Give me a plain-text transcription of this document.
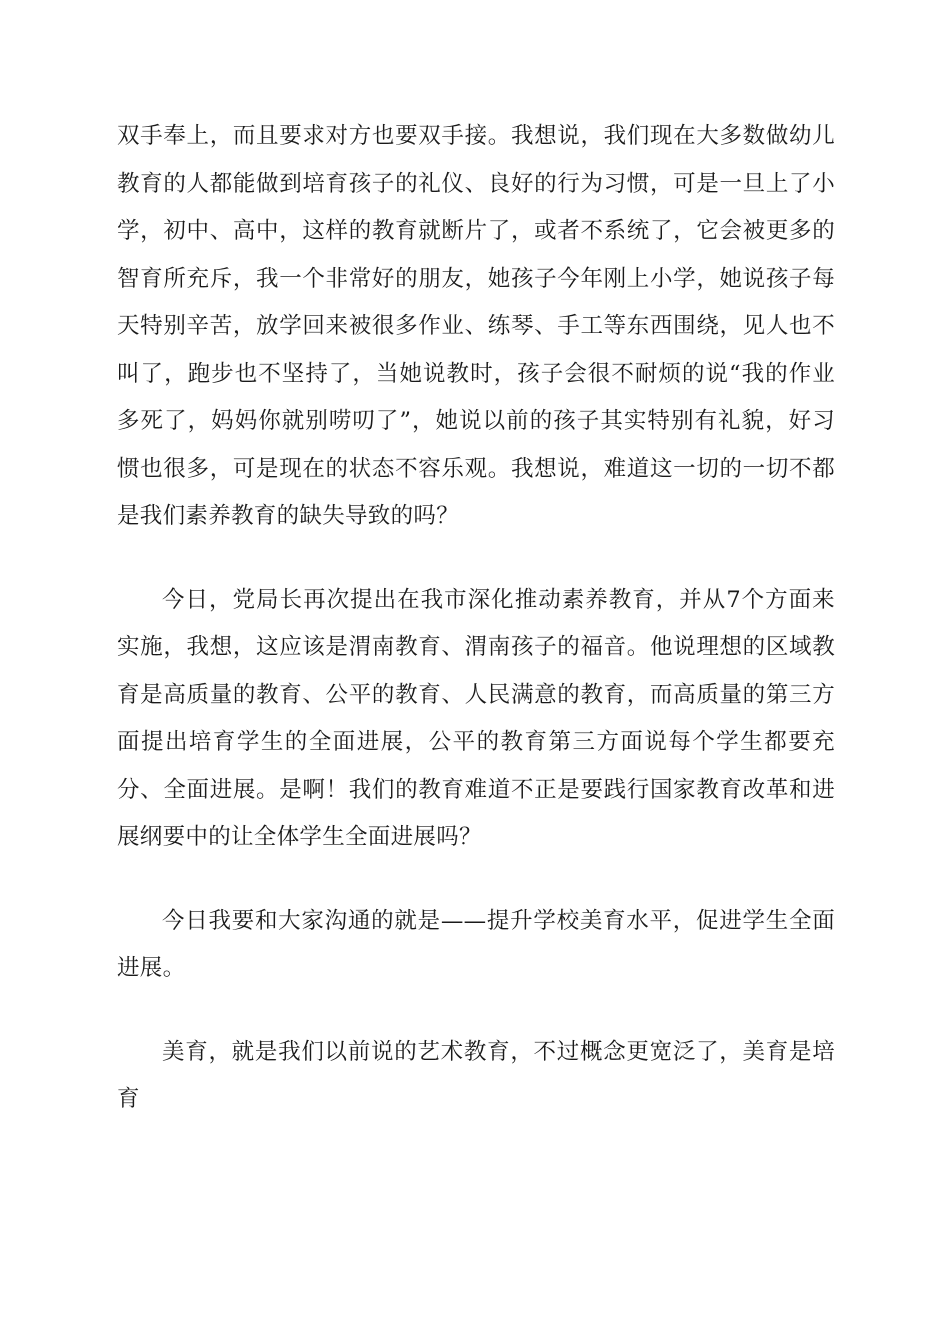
双手奉上，而且要求对方也要双手接。我想说，我们现在大多数做幼儿教育的人都能做到培育孩子的礼仪、良好的行为习惯，可是一旦上了小学，初中、高中，这样的教育就断片了，或者不系统了，它会被更多的智育所充斥，我一个非常好的朋友，她孩子今年刚上小学，她说孩子每天特别辛苦，放学回来被很多作业、练琴、手工等东西围绕，见人也不叫了，跑步也不坚持了，当她说教时，孩子会很不耐烦的说“我的作业多死了，妈妈你就别唠叨了”，她说以前的孩子其实特别有礼貌，好习惯也很多，可是现在的状态不容乐观。我想说，难道这一切的一切不都是我们素养教育的缺失导致的吗？

今日，党局长再次提出在我市深化推动素养教育，并从7个方面来实施，我想，这应该是渭南教育、渭南孩子的福音。他说理想的区域教育是高质量的教育、公平的教育、人民满意的教育，而高质量的第三方面提出培育学生的全面进展，公平的教育第三方面说每个学生都要充分、全面进展。是啊！我们的教育难道不正是要践行国家教育改革和进展纲要中的让全体学生全面进展吗？

今日我要和大家沟通的就是——提升学校美育水平，促进学生全面进展。

美育，就是我们以前说的艺术教育，不过概念更宽泛了，美育是培育
